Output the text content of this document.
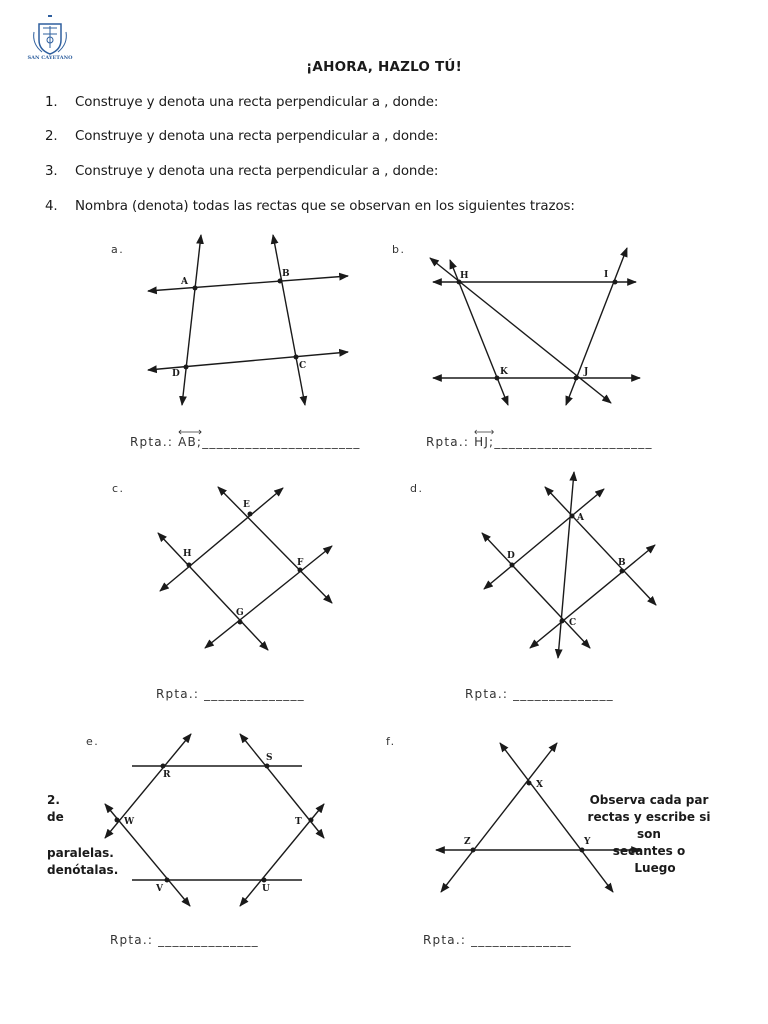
SAN CAYETANO
¡AHORA, HAZLO TÚ!
1. Construye y denota una recta perpendicular a , donde:
2. Construye y denota una recta perpendicular a , donde:
3. Construye y denota una recta perpendicular a , donde:
4. Nombra (denota) todas las rectas que se observan en los siguientes trazos:
a.	b.
c.	d.
e.	f.
A
B
C
D
H	I
J
K
E
F
G
H
A
B
C
D
R
S
T
U
V
W
X
Y
Z
Rpta.:
AB;______________________	Rpta.:
HJ;______________________
Rpta.: ______________	Rpta.: ______________
Rpta.: ______________	Rpta.: ______________
2.
de
paralelas.
denótalas.
Observa cada par
rectas y escribe si son
secantes o
Luego
